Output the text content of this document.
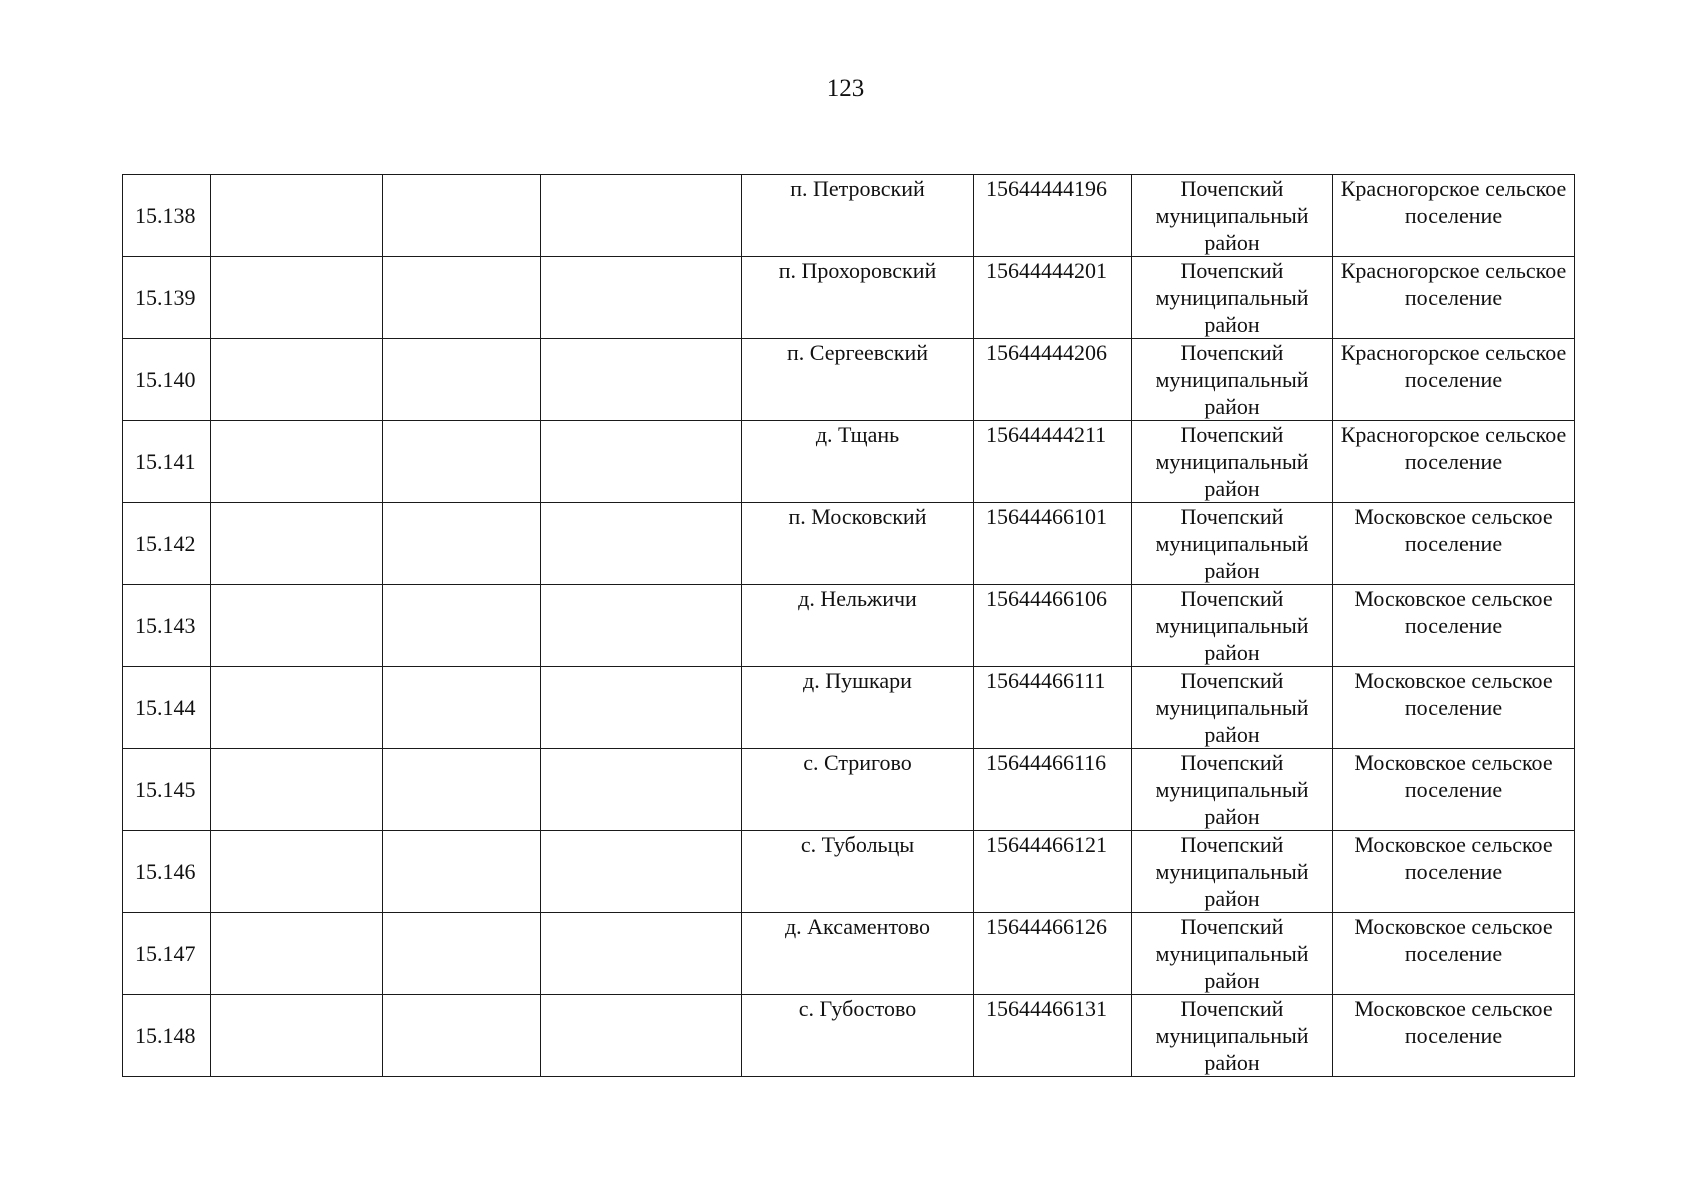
123
15.138				п. Петровский	15644444196	Почепский муниципальный район	Красногорское сельское поселение
15.139				п. Прохоровский	15644444201	Почепский муниципальный район	Красногорское сельское поселение
15.140				п. Сергеевский	15644444206	Почепский муниципальный район	Красногорское сельское поселение
15.141				д. Тщань	15644444211	Почепский муниципальный район	Красногорское сельское поселение
15.142				п. Московский	15644466101	Почепский муниципальный район	Московское сельское поселение
15.143				д. Нельжичи	15644466106	Почепский муниципальный район	Московское сельское поселение
15.144				д. Пушкари	15644466111	Почепский муниципальный район	Московское сельское поселение
15.145				с. Стригово	15644466116	Почепский муниципальный район	Московское сельское поселение
15.146				с. Тубольцы	15644466121	Почепский муниципальный район	Московское сельское поселение
15.147				д. Аксаментово	15644466126	Почепский муниципальный район	Московское сельское поселение
15.148				с. Губостово	15644466131	Почепский муниципальный район	Московское сельское поселение
